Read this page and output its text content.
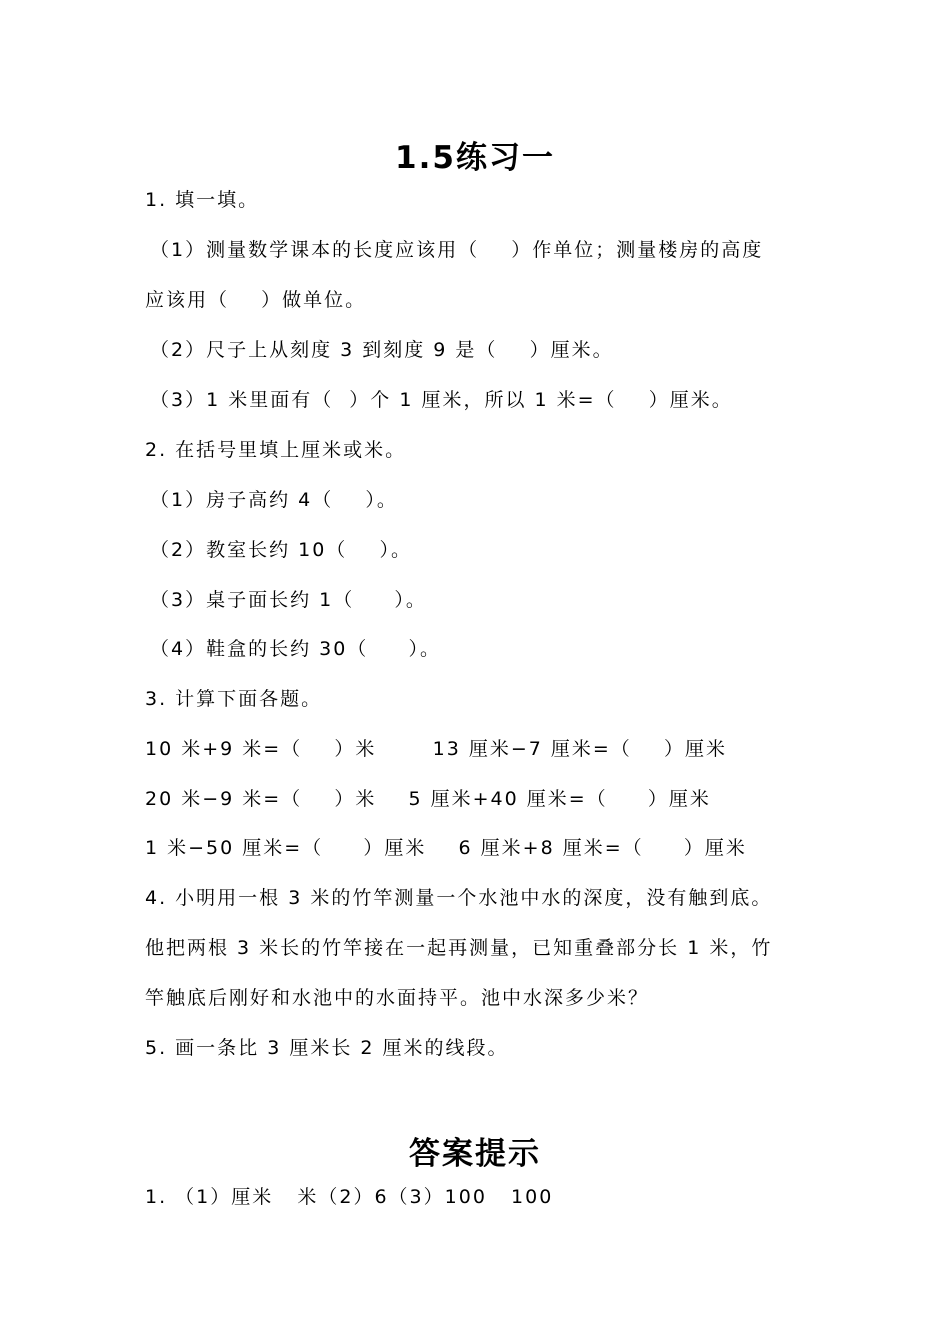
1.5练习一

1. 填一填。

（1）测量数学课本的长度应该用（    ）作单位；测量楼房的高度

应该用（    ）做单位。

（2）尺子上从刻度 3 到刻度 9 是（    ）厘米。

（3）1 米里面有（  ）个 1 厘米，所以 1 米=（    ）厘米。

2. 在括号里填上厘米或米。

（1）房子高约 4（    ）。

（2）教室长约 10（    ）。

（3）桌子面长约 1（     ）。

（4）鞋盒的长约 30（     ）。

3. 计算下面各题。

10 米+9 米=（    ）米       13 厘米−7 厘米=（    ）厘米

20 米−9 米=（    ）米    5 厘米+40 厘米=（     ）厘米

1 米−50 厘米=（     ）厘米    6 厘米+8 厘米=（     ）厘米

4. 小明用一根 3 米的竹竿测量一个水池中水的深度，没有触到底。

他把两根 3 米长的竹竿接在一起再测量，已知重叠部分长 1 米，竹

竿触底后刚好和水池中的水面持平。池中水深多少米？

5. 画一条比 3 厘米长 2 厘米的线段。

答案提示

1. （1）厘米   米（2）6（3）100   100
